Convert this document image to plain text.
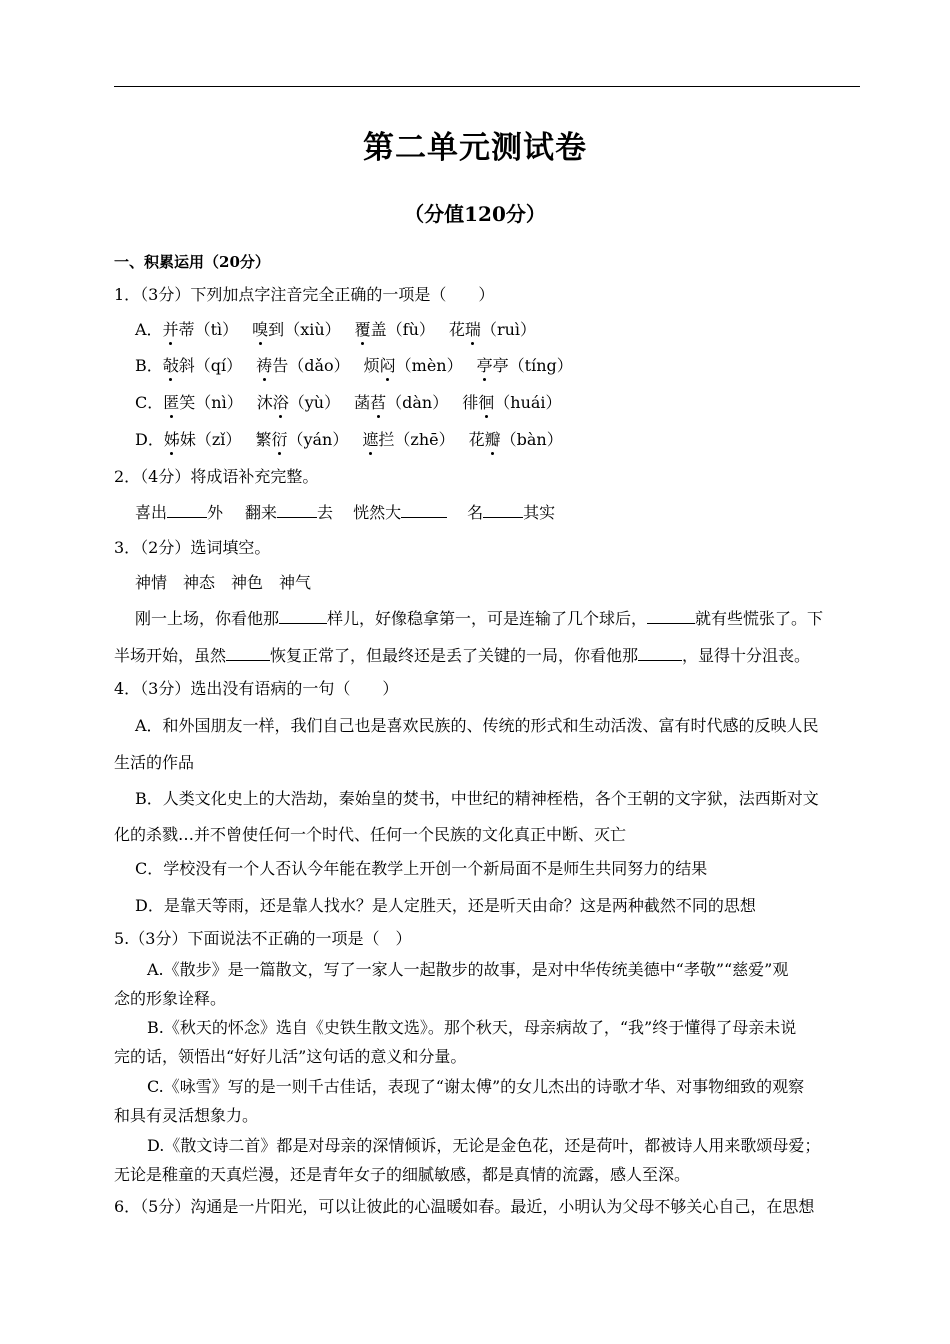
第二单元测试卷
（分值120分）
一、积累运用（20分）
1．（3分）下列加点字注音完全正确的一项是（　　）
A．并蒂（tì） 嗅到（xiù） 覆盖（fù） 花瑞（ruì）
B．敧斜（qí） 祷告（dǎo） 烦闷（mèn） 亭亭（tíng）
C．匿笑（nì） 沐浴（yù） 菡萏（dàn） 徘徊（huái）
D．姊妹（zǐ） 繁衍（yán） 遮拦（zhē） 花瓣（bàn）
2．（4分）将成语补充完整。
喜出	外 翻来	去 恍然大	名	其实
3．（2分）选词填空。
神情　神态　神色　神气
刚一上场，你看他那	样儿，好像稳拿第一，可是连输了几个球后，	就有些慌张了。下
半场开始，虽然	恢复正常了，但最终还是丢了关键的一局，你看他那	，显得十分沮丧。
4．（3分）选出没有语病的一句（　　）
A．和外国朋友一样，我们自己也是喜欢民族的、传统的形式和生动活泼、富有时代感的反映人民
生活的作品
B．人类文化史上的大浩劫，秦始皇的焚书，中世纪的精神桎梏，各个王朝的文字狱，法西斯对文
化的杀戮…并不曾使任何一个时代、任何一个民族的文化真正中断、灭亡
C．学校没有一个人否认今年能在教学上开创一个新局面不是师生共同努力的结果
D．是靠天等雨，还是靠人找水？是人定胜天，还是听天由命？这是两种截然不同的思想
5.（3分）下面说法不正确的一项是（　）
A.《散步》是一篇散文，写了一家人一起散步的故事，是对中华传统美德中“孝敬”“慈爱”观
念的形象诠释。
B.《秋天的怀念》选自《史铁生散文选》。那个秋天，母亲病故了，“我”终于懂得了母亲未说
完的话，领悟出“好好儿活”这句话的意义和分量。
C.《咏雪》写的是一则千古佳话，表现了“谢太傅”的女儿杰出的诗歌才华、对事物细致的观察
和具有灵活想象力。
D.《散文诗二首》都是对母亲的深情倾诉，无论是金色花，还是荷叶，都被诗人用来歌颂母爱；
无论是稚童的天真烂漫，还是青年女子的细腻敏感，都是真情的流露，感人至深。
6．（5分）沟通是一片阳光，可以让彼此的心温暖如春。最近，小明认为父母不够关心自己，在思想
